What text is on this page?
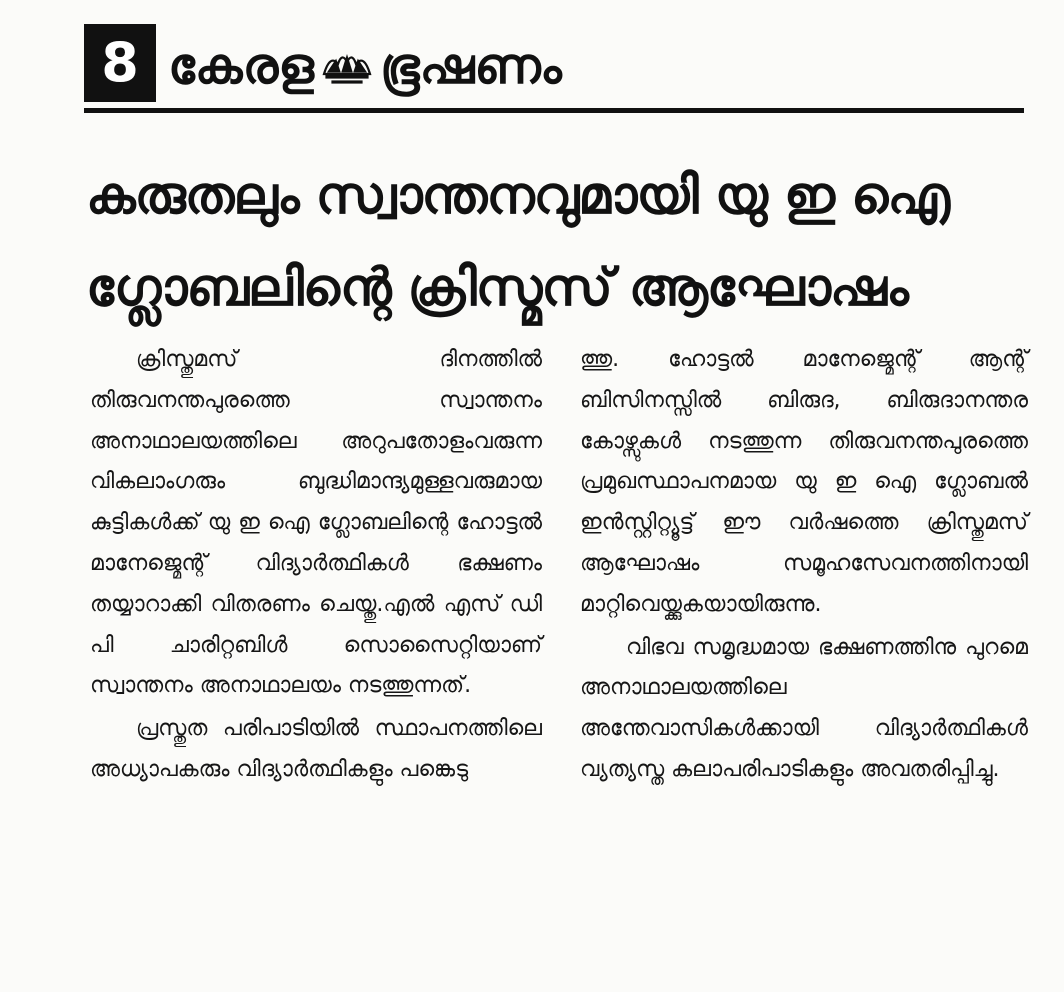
8 കേരള ഭൂഷണം
കരുതലും സ്വാന്തനവുമായി യു ഇ ഐ
ഗ്ലോബലിന്റെ ക്രിസ്മസ് ആഘോഷം

ക്രിസ്തുമസ് ദിനത്തിൽ തിരുവനന്തപുരത്തെ സ്വാന്തനം അനാഥാലയത്തിലെ അറുപതോളംവരുന്ന വികലാംഗരും ബുദ്ധിമാന്ദ്യമുള്ളവരുമായ കുട്ടികൾക്ക് യു ഇ ഐ ഗ്ലോബലിന്റെ ഹോട്ടൽ മാനേജ്മെന്റ് വിദ്യാർത്ഥികൾ ഭക്ഷണം തയ്യാറാക്കി വിതരണം ചെയ്തു.എൽ എസ് ഡി പി ചാരിറ്റബിൾ സൊസൈറ്റിയാണ് സ്വാന്തനം അനാഥാലയം നടത്തുന്നത്.

പ്രസ്തുത പരിപാടിയിൽ സ്ഥാപനത്തിലെ അധ്യാപകരും വിദ്യാർത്ഥികളും പങ്കെടു

ത്തു. ഹോട്ടൽ മാനേജ്മെന്റ് ആന്റ് ബിസിനസ്സിൽ ബിരുദ, ബിരുദാനന്തര കോഴ്സുകൾ നടത്തുന്ന തിരുവനന്തപുരത്തെ പ്രമുഖസ്ഥാപനമായ യു ഇ ഐ ഗ്ലോബൽ ഇൻസ്റ്റിറ്റ്യൂട്ട് ഈ വർഷത്തെ ക്രിസ്തുമസ് ആഘോഷം സമൂഹസേവനത്തിനായി മാറ്റിവെയ്ക്കുകയായിരുന്നു.

വിഭവ സമൃദ്ധമായ ഭക്ഷണത്തിനു പുറമെ അനാഥാലയത്തിലെ അന്തേവാസികൾക്കായി വിദ്യാർത്ഥികൾ വ്യത്യസ്ത കലാപരിപാടികളും അവതരിപ്പിച്ചു.
